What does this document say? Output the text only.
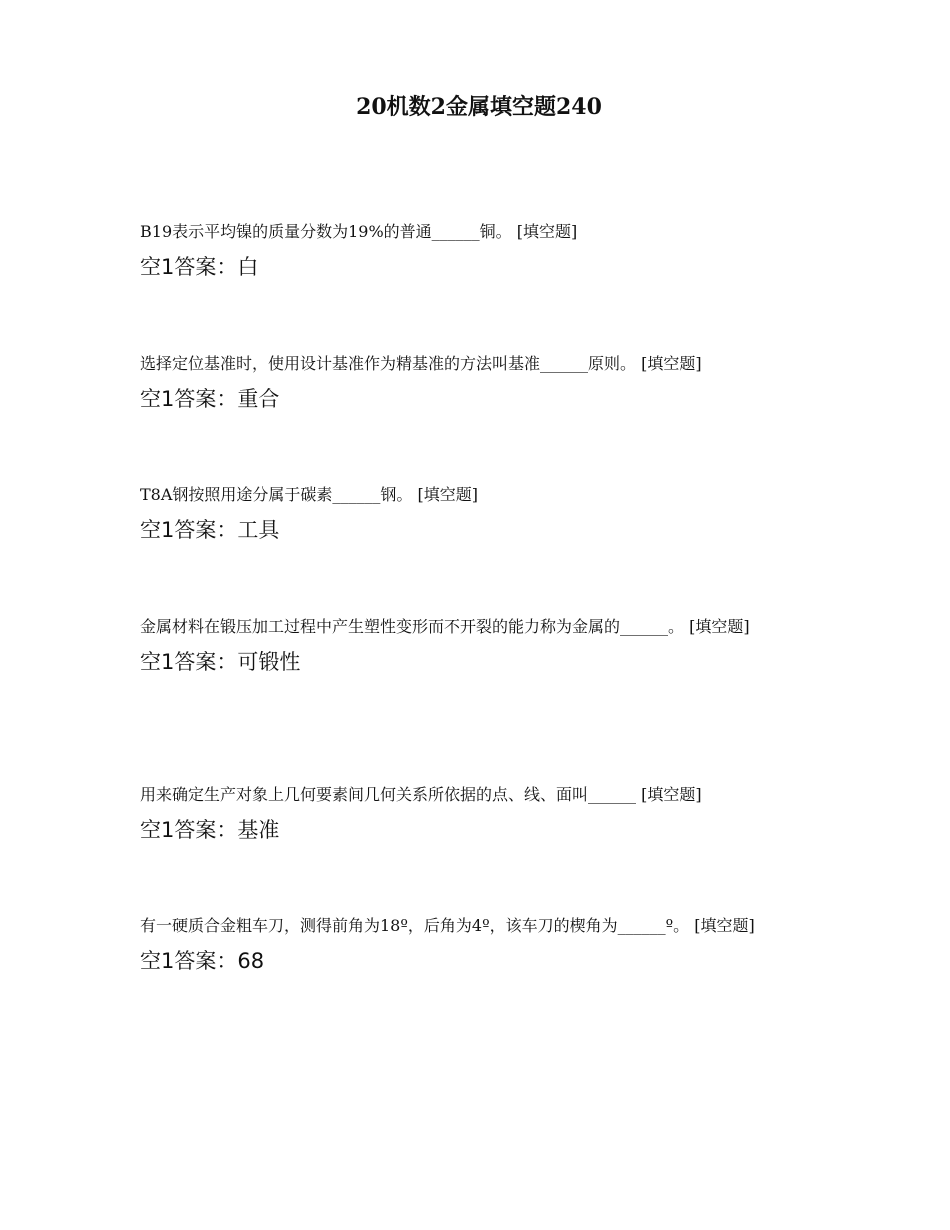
20机数2金属填空题240

B19表示平均镍的质量分数为19%的普通______铜。 [填空题]

空1答案：白

选择定位基准时，使用设计基准作为精基准的方法叫基准______原则。 [填空题]

空1答案：重合

T8A钢按照用途分属于碳素______钢。 [填空题]

空1答案：工具

金属材料在锻压加工过程中产生塑性变形而不开裂的能力称为金属的______。 [填空题]

空1答案：可锻性

用来确定生产对象上几何要素间几何关系所依据的点、线、面叫______ [填空题]

空1答案：基准

有一硬质合金粗车刀，测得前角为18º，后角为4º，该车刀的楔角为______º。 [填空题]

空1答案：68
